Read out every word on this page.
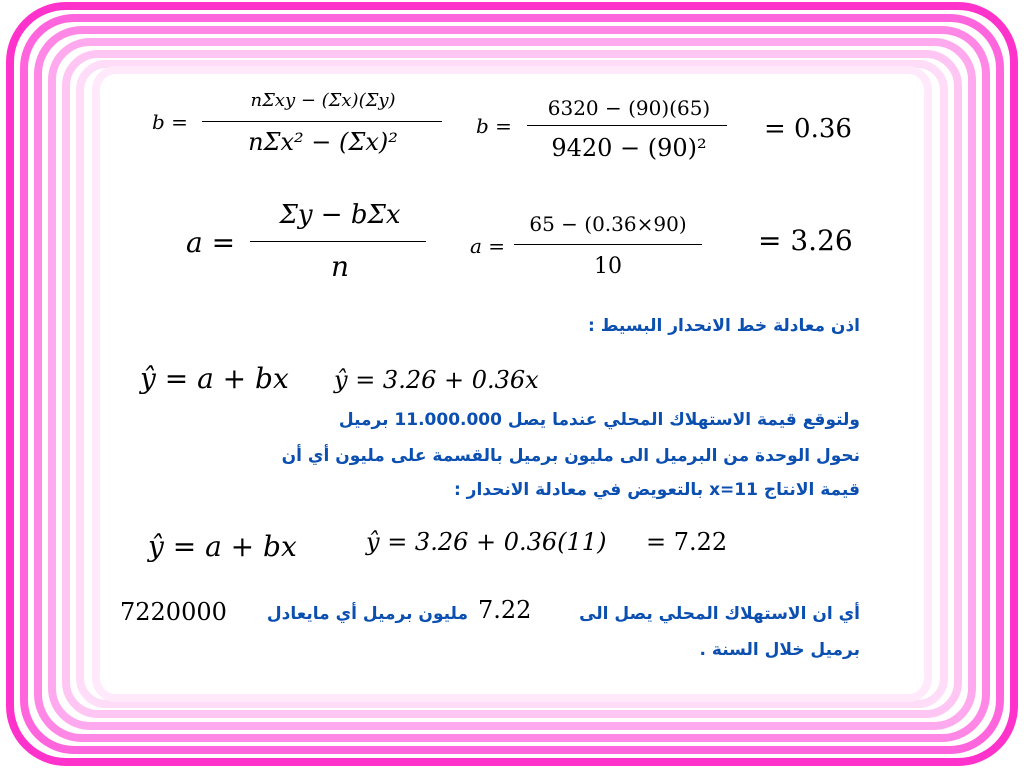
b =
nΣxy − (Σx)(Σy)
nΣx² − (Σx)²
b =
6320 − (90)(65)
9420 − (90)²
= 0.36
a =
Σy − bΣx
n
a =
65 − (0.36×90)
10
= 3.26
اذن معادلة خط الانحدار البسيط :
ŷ = a + bx ŷ = 3.26 + 0.36x
ولتوقع قيمة الاستهلاك المحلي عندما يصل 11.000.000 برميل
نحول الوحدة من البرميل الى مليون برميل بالقسمة على مليون أي أن
قيمة الانتاج x=11 بالتعويض في معادلة الانحدار :
ŷ = a + bx	ŷ = 3.26 + 0.36(11) = 7.22
أي ان الاستهلاك المحلي يصل الى
7.22
مليون برميل أي مايعادل
7220000
برميل خلال السنة .
